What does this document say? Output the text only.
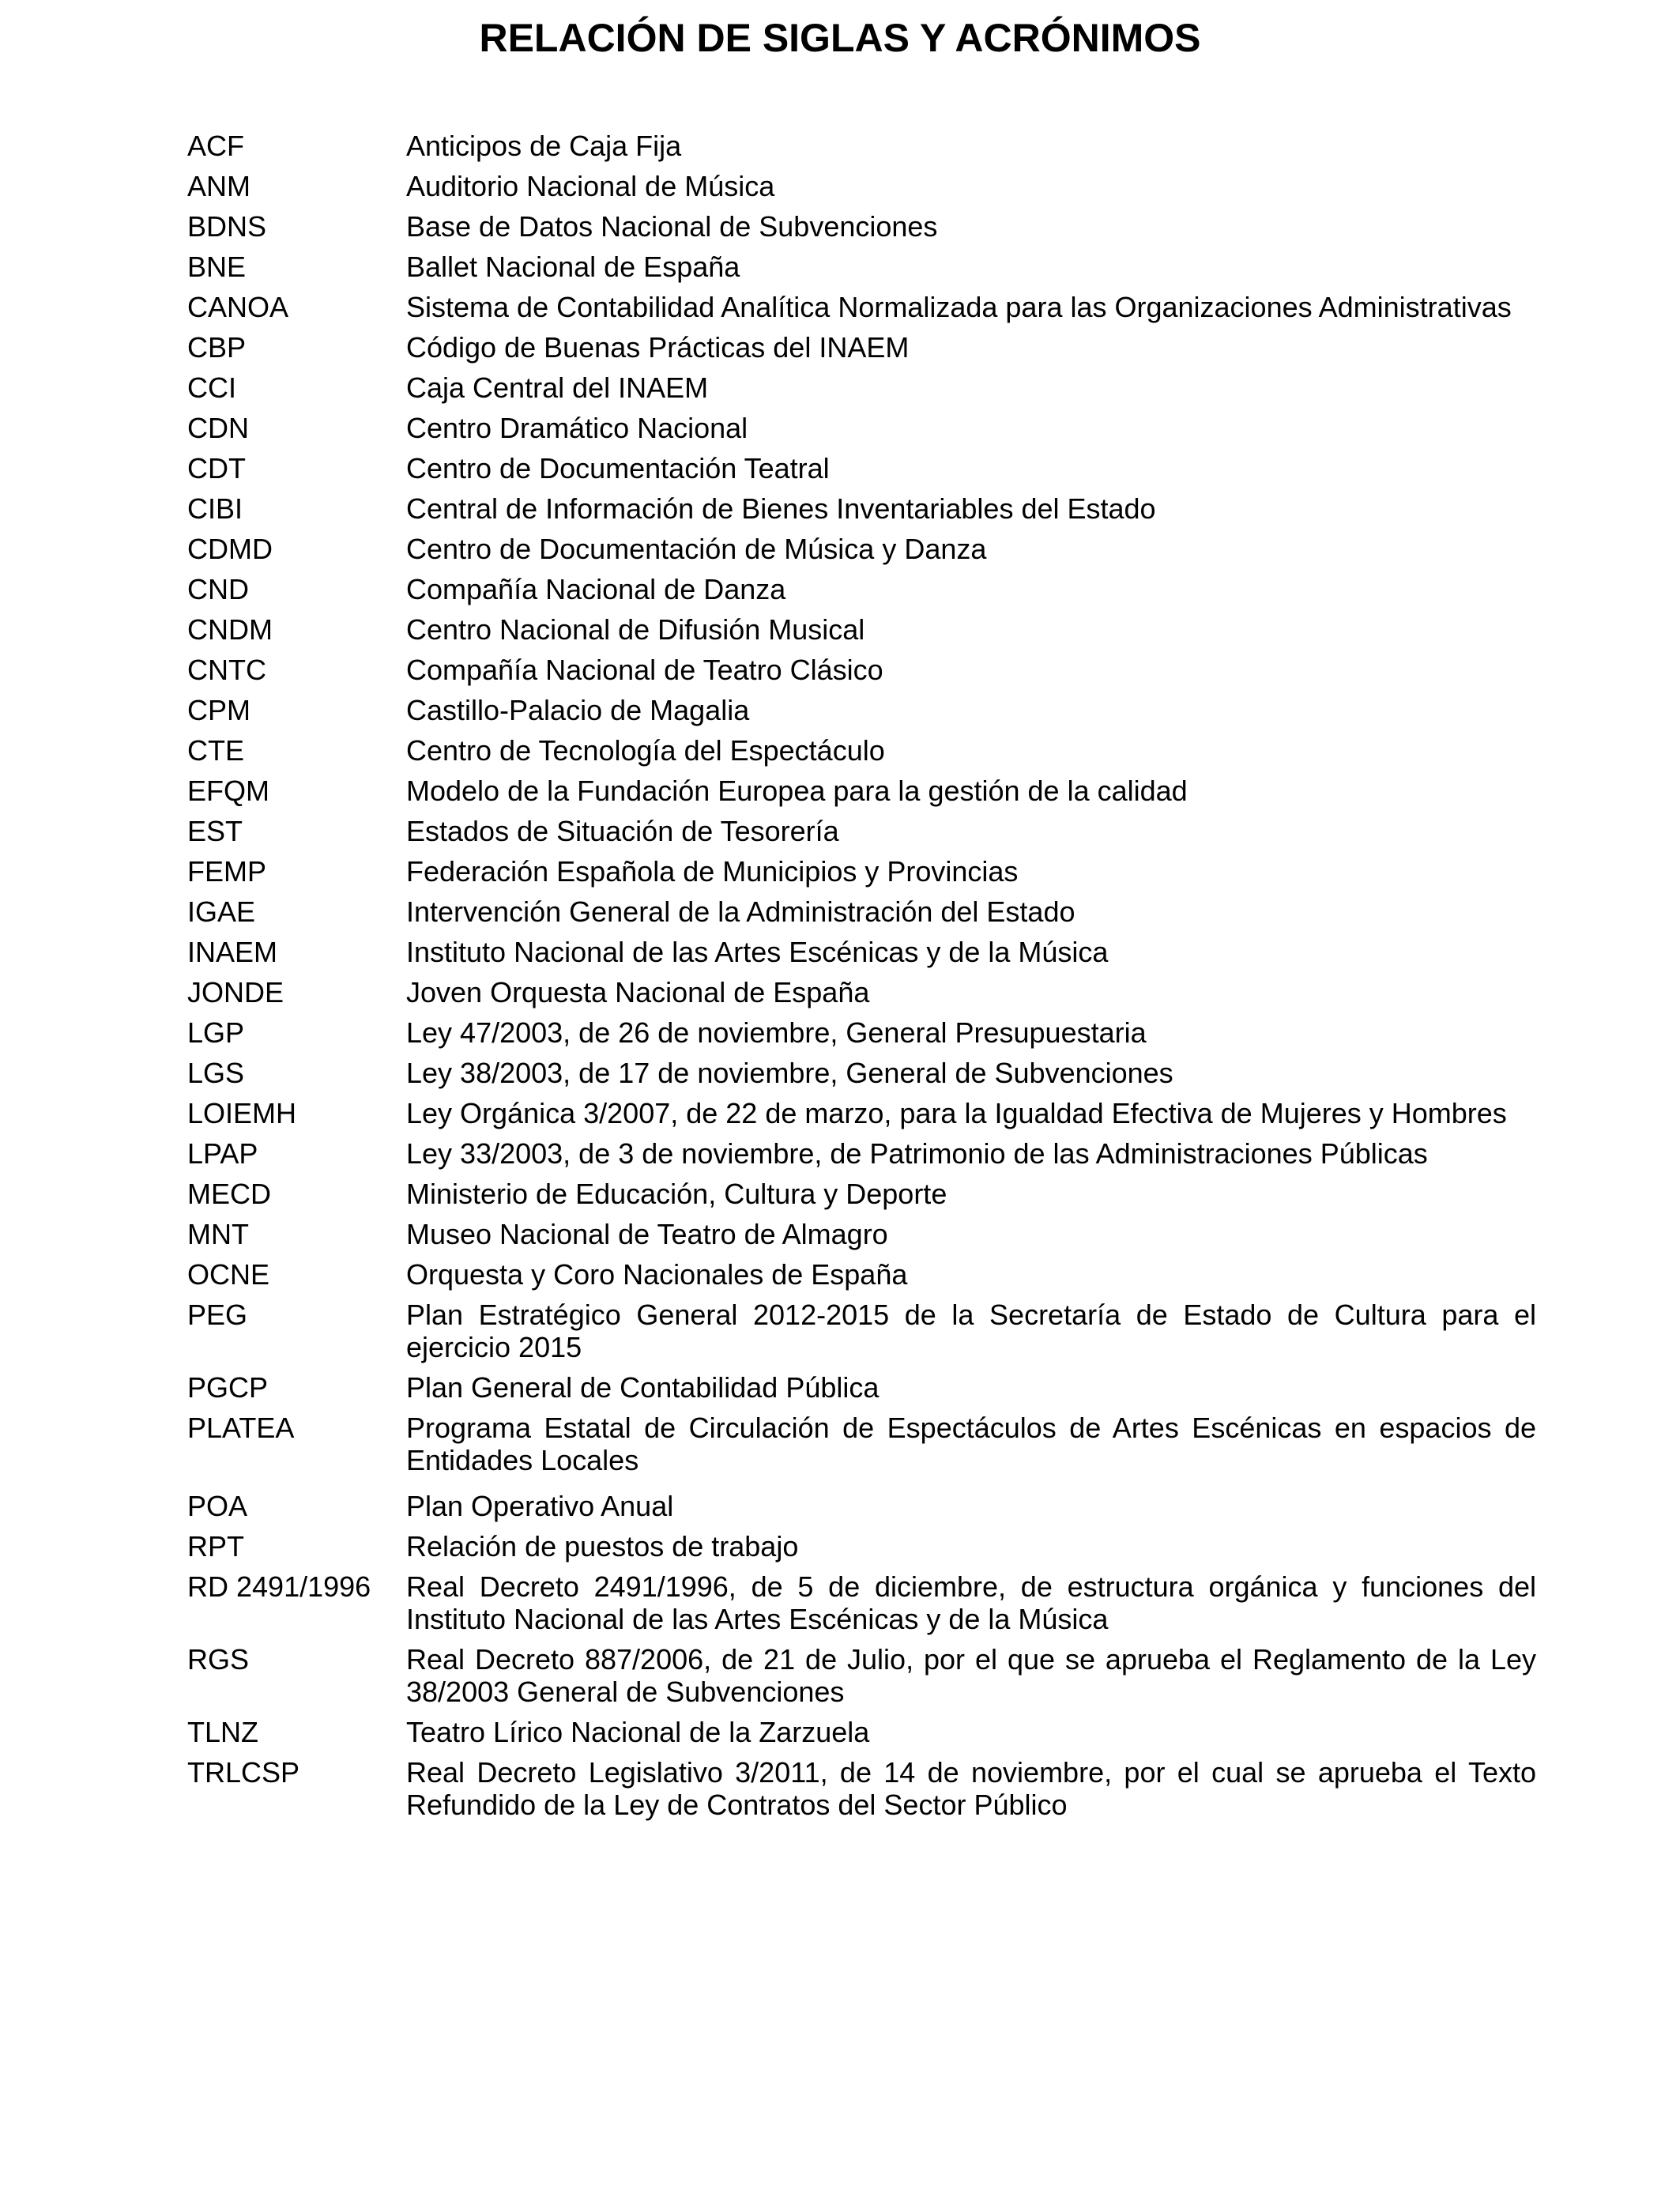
RELACIÓN DE SIGLAS Y ACRÓNIMOS
ACF	Anticipos de Caja Fija
ANM	Auditorio Nacional de Música
BDNS	Base de Datos Nacional de Subvenciones
BNE	Ballet Nacional de España
CANOA	Sistema de Contabilidad Analítica Normalizada para las Organizaciones Administrativas
CBP	Código de Buenas Prácticas del INAEM
CCI	Caja Central del INAEM
CDN	Centro Dramático Nacional
CDT	Centro de Documentación Teatral
CIBI	Central de Información de Bienes Inventariables del Estado
CDMD	Centro de Documentación de Música y Danza
CND	Compañía Nacional de Danza
CNDM	Centro Nacional de Difusión Musical
CNTC	Compañía Nacional de Teatro Clásico
CPM	Castillo-Palacio de Magalia
CTE	Centro de Tecnología del Espectáculo
EFQM	Modelo de la Fundación Europea para la gestión de la calidad
EST	Estados de Situación de Tesorería
FEMP	Federación Española de Municipios y Provincias
IGAE	Intervención General de la Administración del Estado
INAEM	Instituto Nacional de las Artes Escénicas y de la Música
JONDE	Joven Orquesta Nacional de España
LGP	Ley 47/2003, de 26 de noviembre, General Presupuestaria
LGS	Ley 38/2003, de 17 de noviembre, General de Subvenciones
LOIEMH	Ley Orgánica 3/2007, de 22 de marzo, para la Igualdad Efectiva de Mujeres y Hombres
LPAP	Ley 33/2003, de 3 de noviembre, de Patrimonio de las Administraciones Públicas
MECD	Ministerio de Educación, Cultura y Deporte
MNT	Museo Nacional de Teatro de Almagro
OCNE	Orquesta y Coro Nacionales de España
PEG	Plan Estratégico General 2012-2015 de la Secretaría de Estado de Cultura para el ejercicio 2015
PGCP	Plan General de Contabilidad Pública
PLATEA	Programa Estatal de Circulación de Espectáculos de Artes Escénicas en espacios de Entidades Locales
POA	Plan Operativo Anual
RPT	Relación de puestos de trabajo
RD 2491/1996	Real Decreto 2491/1996, de 5 de diciembre, de estructura orgánica y funciones del Instituto Nacional de las Artes Escénicas y de la Música
RGS	Real Decreto 887/2006, de 21 de Julio, por el que se aprueba el Reglamento de la Ley 38/2003 General de Subvenciones
TLNZ	Teatro Lírico Nacional de la Zarzuela
TRLCSP	Real Decreto Legislativo 3/2011, de 14 de noviembre, por el cual se aprueba el Texto Refundido de la Ley de Contratos del Sector Público
